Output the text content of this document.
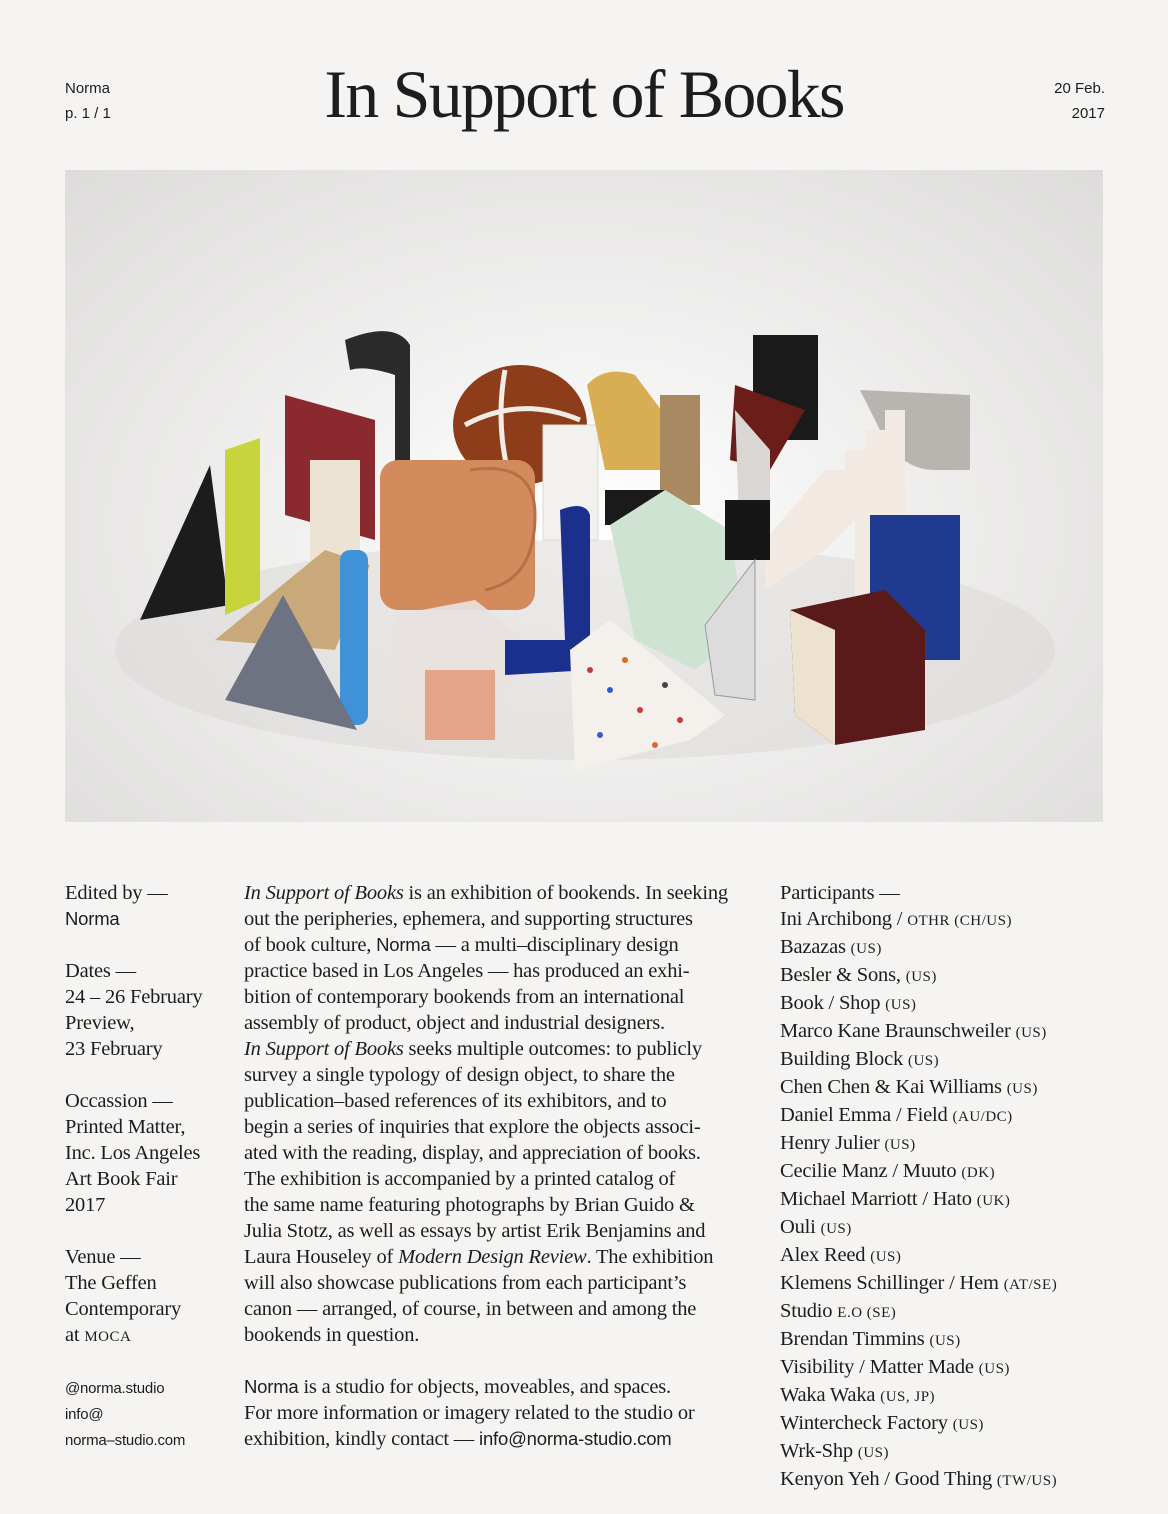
Norma
p. 1 / 1	In Support of Books	20 Feb.
2017
Edited by —
Norma
Dates —
24 – 26 February
Preview,
23 February
Occassion —
Printed Matter,
Inc. Los Angeles
Art Book Fair
2017
Venue —
The Geffen
Contemporary
at MOCA
@norma.studio
info@
norma–studio.com
In Support of Books is an exhibition of bookends. In seeking
out the peripheries, ephemera, and supporting structures
of book culture, Norma — a multi–disciplinary design
practice based in Los Angeles — has produced an exhi-
bition of contemporary bookends from an international
assembly of product, object and industrial designers.
In Support of Books seeks multiple outcomes: to publicly
survey a single typology of design object, to share the
publication–based references of its exhibitors, and to
begin a series of inquiries that explore the objects associ-
ated with the reading, display, and appreciation of books.
The exhibition is accompanied by a printed catalog of
the same name featuring photographs by Brian Guido &
Julia Stotz, as well as essays by artist Erik Benjamins and
Laura Houseley of Modern Design Review. The exhibition
will also showcase publications from each participant’s
canon — arranged, of course, in between and among the
bookends in question.
Norma is a studio for objects, moveables, and spaces.
For more information or imagery related to the studio or
exhibition, kindly contact — info@norma-studio.com
Participants —
Ini Archibong / OTHR (CH/US)
Bazazas (US)
Besler & Sons, (US)
Book / Shop (US)
Marco Kane Braunschweiler (US)
Building Block (US)
Chen Chen & Kai Williams (US)
Daniel Emma / Field (AU/DC)
Henry Julier (US)
Cecilie Manz / Muuto (DK)
Michael Marriott / Hato (UK)
Ouli (US)
Alex Reed (US)
Klemens Schillinger / Hem (AT/SE)
Studio E.O (SE)
Brendan Timmins (US)
Visibility / Matter Made (US)
Waka Waka (US, JP)
Wintercheck Factory (US)
Wrk-Shp (US)
Kenyon Yeh / Good Thing (TW/US)
